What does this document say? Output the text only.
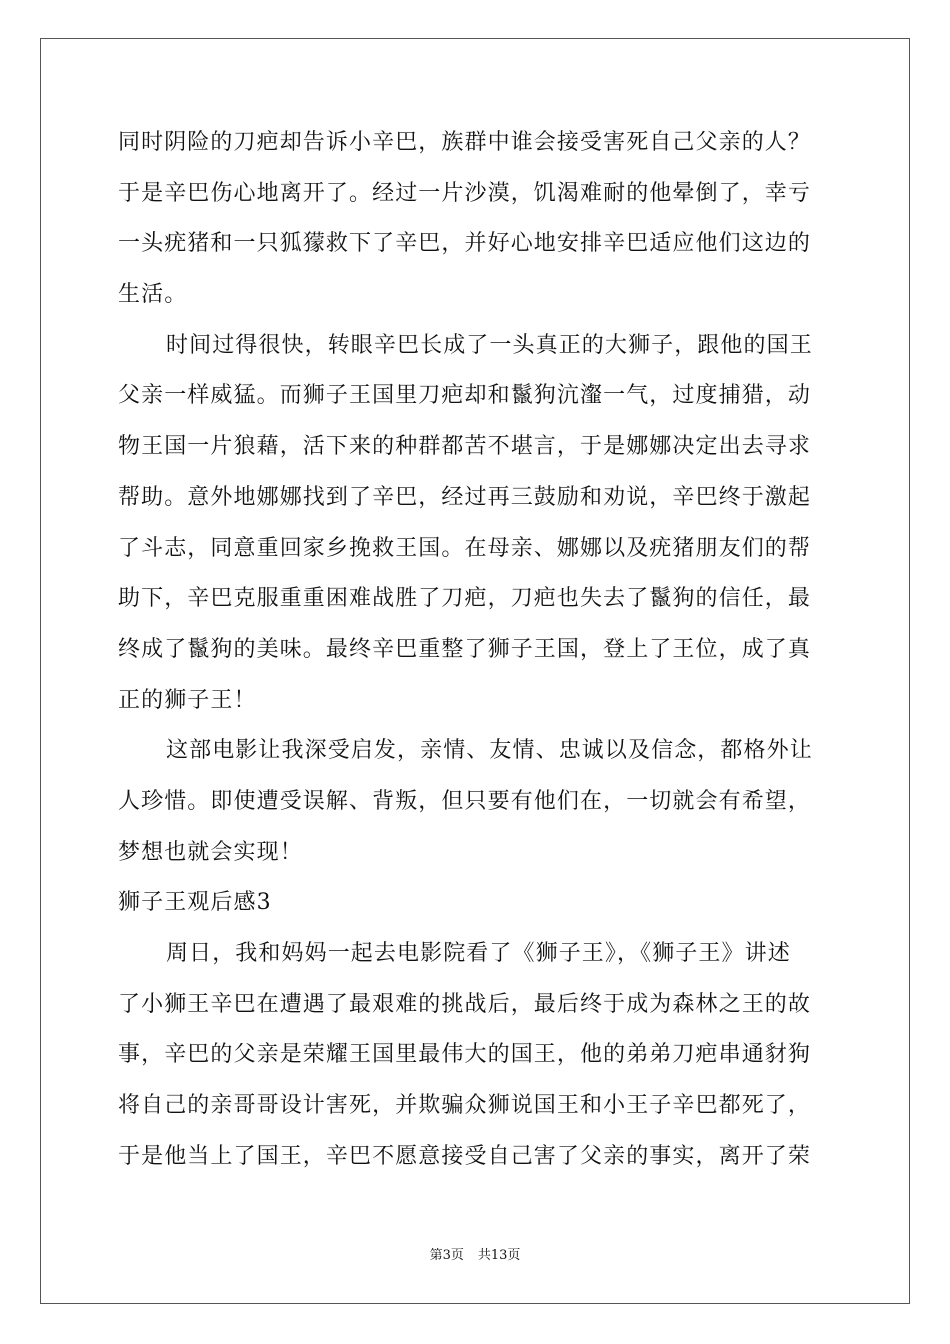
同时阴险的刀疤却告诉小辛巴，族群中谁会接受害死自己父亲的人？
于是辛巴伤心地离开了。经过一片沙漠，饥渴难耐的他晕倒了，幸亏
一头疣猪和一只狐獴救下了辛巴，并好心地安排辛巴适应他们这边的
生活。
时间过得很快，转眼辛巴长成了一头真正的大狮子，跟他的国王
父亲一样威猛。而狮子王国里刀疤却和鬣狗沆瀣一气，过度捕猎，动
物王国一片狼藉，活下来的种群都苦不堪言，于是娜娜决定出去寻求
帮助。意外地娜娜找到了辛巴，经过再三鼓励和劝说，辛巴终于激起
了斗志，同意重回家乡挽救王国。在母亲、娜娜以及疣猪朋友们的帮
助下，辛巴克服重重困难战胜了刀疤，刀疤也失去了鬣狗的信任，最
终成了鬣狗的美味。最终辛巴重整了狮子王国，登上了王位，成了真
正的狮子王！
这部电影让我深受启发，亲情、友情、忠诚以及信念，都格外让
人珍惜。即使遭受误解、背叛，但只要有他们在，一切就会有希望，
梦想也就会实现！
狮子王观后感3
周日，我和妈妈一起去电影院看了《狮子王》，《狮子王》讲述
了小狮王辛巴在遭遇了最艰难的挑战后，最后终于成为森林之王的故
事，辛巴的父亲是荣耀王国里最伟大的国王，他的弟弟刀疤串通豺狗
将自己的亲哥哥设计害死，并欺骗众狮说国王和小王子辛巴都死了，
于是他当上了国王，辛巴不愿意接受自己害了父亲的事实，离开了荣
第3页 共13页
